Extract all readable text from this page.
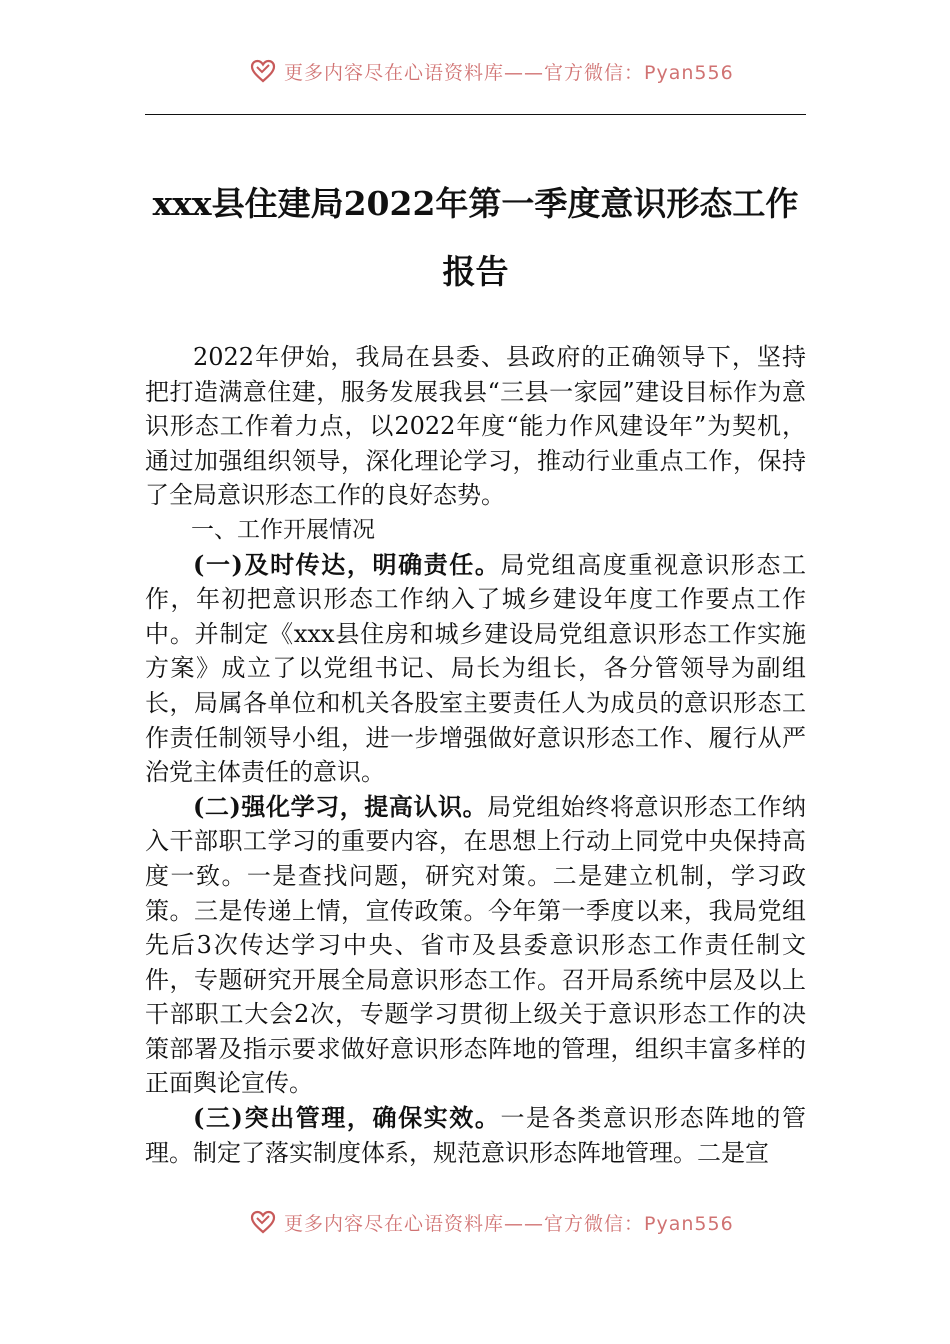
更多内容尽在心语资料库——官方微信：Pyan556
xxx县住建局2022年第一季度意识形态工作报告

2022年伊始，我局在县委、县政府的正确领导下，坚持把打造满意住建，服务发展我县“三县一家园”建设目标作为意识形态工作着力点，以2022年度“能力作风建设年”为契机，通过加强组织领导，深化理论学习，推动行业重点工作，保持了全局意识形态工作的良好态势。

一、工作开展情况

(一)及时传达，明确责任。局党组高度重视意识形态工作，年初把意识形态工作纳入了城乡建设年度工作要点工作中。并制定《xxx县住房和城乡建设局党组意识形态工作实施方案》成立了以党组书记、局长为组长，各分管领导为副组长，局属各单位和机关各股室主要责任人为成员的意识形态工作责任制领导小组，进一步增强做好意识形态工作、履行从严治党主体责任的意识。

(二)强化学习，提高认识。局党组始终将意识形态工作纳入干部职工学习的重要内容，在思想上行动上同党中央保持高度一致。一是查找问题，研究对策。二是建立机制，学习政策。三是传递上情，宣传政策。今年第一季度以来，我局党组先后3次传达学习中央、省市及县委意识形态工作责任制文件，专题研究开展全局意识形态工作。召开局系统中层及以上干部职工大会2次，专题学习贯彻上级关于意识形态工作的决策部署及指示要求做好意识形态阵地的管理，组织丰富多样的正面舆论宣传。

(三)突出管理，确保实效。一是各类意识形态阵地的管理。制定了落实制度体系，规范意识形态阵地管理。二是宣

更多内容尽在心语资料库——官方微信：Pyan556
